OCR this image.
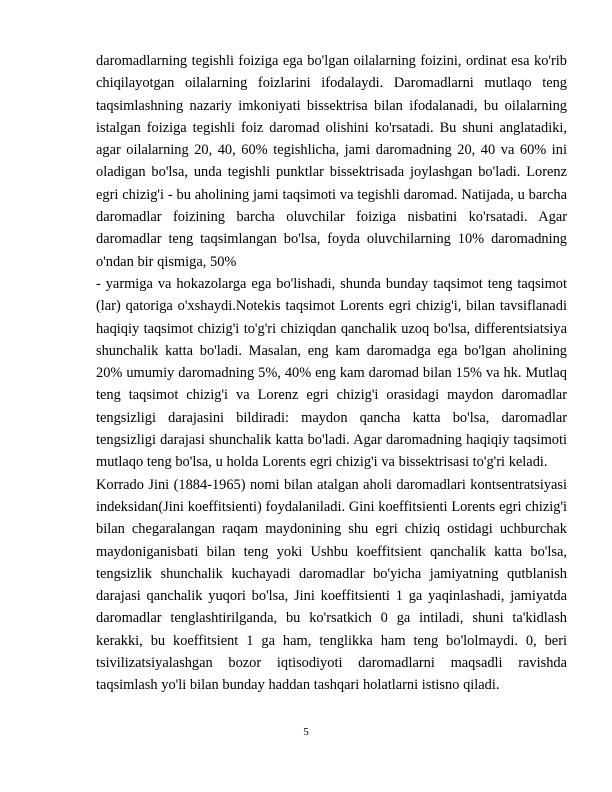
daromadlarning tegishli foiziga ega bo'lgan oilalarning foizini, ordinat esa ko'rib chiqilayotgan oilalarning foizlarini ifodalaydi. Daromadlarni mutlaqo teng taqsimlashning nazariy imkoniyati bissektrisa bilan ifodalanadi, bu oilalarning istalgan foiziga tegishli foiz daromad olishini ko'rsatadi. Bu shuni anglatadiki, agar oilalarning 20, 40, 60% tegishlicha, jami daromadning 20, 40 va 60% ini oladigan bo'lsa, unda tegishli punktlar bissektrisada joylashgan bo'ladi. Lorenz egri chizig'i - bu aholining jami taqsimoti va tegishli daromad. Natijada, u barcha daromadlar foizining barcha oluvchilar foiziga nisbatini ko'rsatadi. Agar daromadlar teng taqsimlangan bo'lsa, foyda oluvchilarning 10% daromadning o'ndan bir qismiga, 50%

- yarmiga va hokazolarga ega bo'lishadi, shunda bunday taqsimot teng taqsimot (lar) qatoriga o'xshaydi.Notekis taqsimot Lorents egri chizig'i, bilan tavsiflanadi haqiqiy taqsimot chizig'i to'g'ri chiziqdan qanchalik uzoq bo'lsa, differentsiatsiya shunchalik katta bo'ladi. Masalan, eng kam daromadga ega bo'lgan aholining 20% umumiy daromadning 5%, 40% eng kam daromad bilan 15% va hk. Mutlaq teng taqsimot chizig'i va Lorenz egri chizig'i orasidagi maydon daromadlar tengsizligi darajasini bildiradi: maydon qancha katta bo'lsa, daromadlar tengsizligi darajasi shunchalik katta bo'ladi. Agar daromadning haqiqiy taqsimoti mutlaqo teng bo'lsa, u holda Lorents egri chizig'i va bissektrisasi to'g'ri keladi.

Korrado Jini (1884-1965) nomi bilan atalgan aholi daromadlari kontsentratsiyasi indeksidan(Jini koeffitsienti) foydalaniladi. Gini koeffitsienti Lorents egri chizig'i bilan chegaralangan raqam maydonining shu egri chiziq ostidagi uchburchak maydoniganisbati bilan teng yoki Ushbu koeffitsient qanchalik katta bo'lsa, tengsizlik shunchalik kuchayadi daromadlar bo'yicha jamiyatning qutblanish darajasi qanchalik yuqori bo'lsa, Jini koeffitsienti 1 ga yaqinlashadi, jamiyatda daromadlar tenglashtirilganda, bu ko'rsatkich 0 ga intiladi, shuni ta'kidlash kerakki, bu koeffitsient 1 ga ham, tenglikka ham teng bo'lolmaydi. 0, beri tsivilizatsiyalashgan bozor iqtisodiyoti daromadlarni maqsadli ravishda taqsimlash yo'li bilan bunday haddan tashqari holatlarni istisno qiladi.

5
